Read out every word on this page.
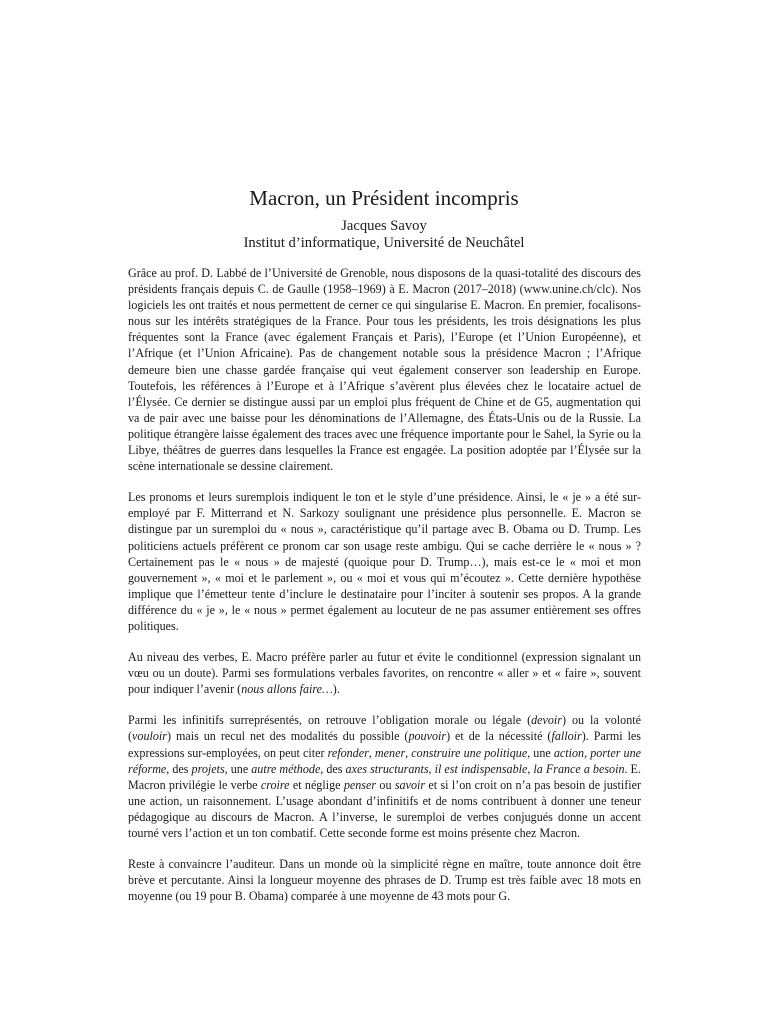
Macron, un Président incompris
Jacques Savoy
Institut d’informatique, Université de Neuchâtel

Grâce au prof. D. Labbé de l’Université de Grenoble, nous disposons de la quasi-totalité des discours des présidents français depuis C. de Gaulle (1958–1969) à E. Macron (2017–2018) (www.unine.ch/clc). Nos logiciels les ont traités et nous permettent de cerner ce qui singularise E. Macron. En premier, focalisons-nous sur les intérêts stratégiques de la France. Pour tous les présidents, les trois désignations les plus fréquentes sont la France (avec également Français et Paris), l’Europe (et l’Union Européenne), et l’Afrique (et l’Union Africaine). Pas de changement notable sous la présidence Macron ; l’Afrique demeure bien une chasse gardée française qui veut également conserver son leadership en Europe. Toutefois, les références à l’Europe et à l’Afrique s’avèrent plus élevées chez le locataire actuel de l’Élysée. Ce dernier se distingue aussi par un emploi plus fréquent de Chine et de G5, augmentation qui va de pair avec une baisse pour les dénominations de l’Allemagne, des États-Unis ou de la Russie. La politique étrangère laisse également des traces avec une fréquence importante pour le Sahel, la Syrie ou la Libye, théâtres de guerres dans lesquelles la France est engagée. La position adoptée par l’Élysée sur la scène internationale se dessine clairement.

Les pronoms et leurs suremplois indiquent le ton et le style d’une présidence. Ainsi, le « je » a été sur-employé par F. Mitterrand et N. Sarkozy soulignant une présidence plus personnelle. E. Macron se distingue par un suremploi du « nous », caractéristique qu’il partage avec B. Obama ou D. Trump. Les politiciens actuels préfèrent ce pronom car son usage reste ambigu. Qui se cache derrière le « nous » ? Certainement pas le « nous » de majesté (quoique pour D. Trump…), mais est-ce le « moi et mon gouvernement », « moi et le parlement », ou « moi et vous qui m’écoutez ». Cette dernière hypothèse implique que l’émetteur tente d’inclure le destinataire pour l’inciter à soutenir ses propos. A la grande différence du « je », le « nous » permet également au locuteur de ne pas assumer entièrement ses offres politiques.

Au niveau des verbes, E. Macro préfère parler au futur et évite le conditionnel (expression signalant un vœu ou un doute). Parmi ses formulations verbales favorites, on rencontre « aller » et « faire », souvent pour indiquer l’avenir (nous allons faire…).

Parmi les infinitifs surreprésentés, on retrouve l’obligation morale ou légale (devoir) ou la volonté (vouloir) mais un recul net des modalités du possible (pouvoir) et de la nécessité (falloir). Parmi les expressions sur-employées, on peut citer refonder, mener, construire une politique, une action, porter une réforme, des projets, une autre méthode, des axes structurants, il est indispensable, la France a besoin. E. Macron privilégie le verbe croire et néglige penser ou savoir et si l’on croit on n’a pas besoin de justifier une action, un raisonnement. L’usage abondant d’infinitifs et de noms contribuent à donner une teneur pédagogique au discours de Macron. A l’inverse, le suremploi de verbes conjugués donne un accent tourné vers l’action et un ton combatif. Cette seconde forme est moins présente chez Macron.

Reste à convaincre l’auditeur. Dans un monde où la simplicité règne en maître, toute annonce doit être brève et percutante. Ainsi la longueur moyenne des phrases de D. Trump est très faible avec 18 mots en moyenne (ou 19 pour B. Obama) comparée à une moyenne de 43 mots pour G.
